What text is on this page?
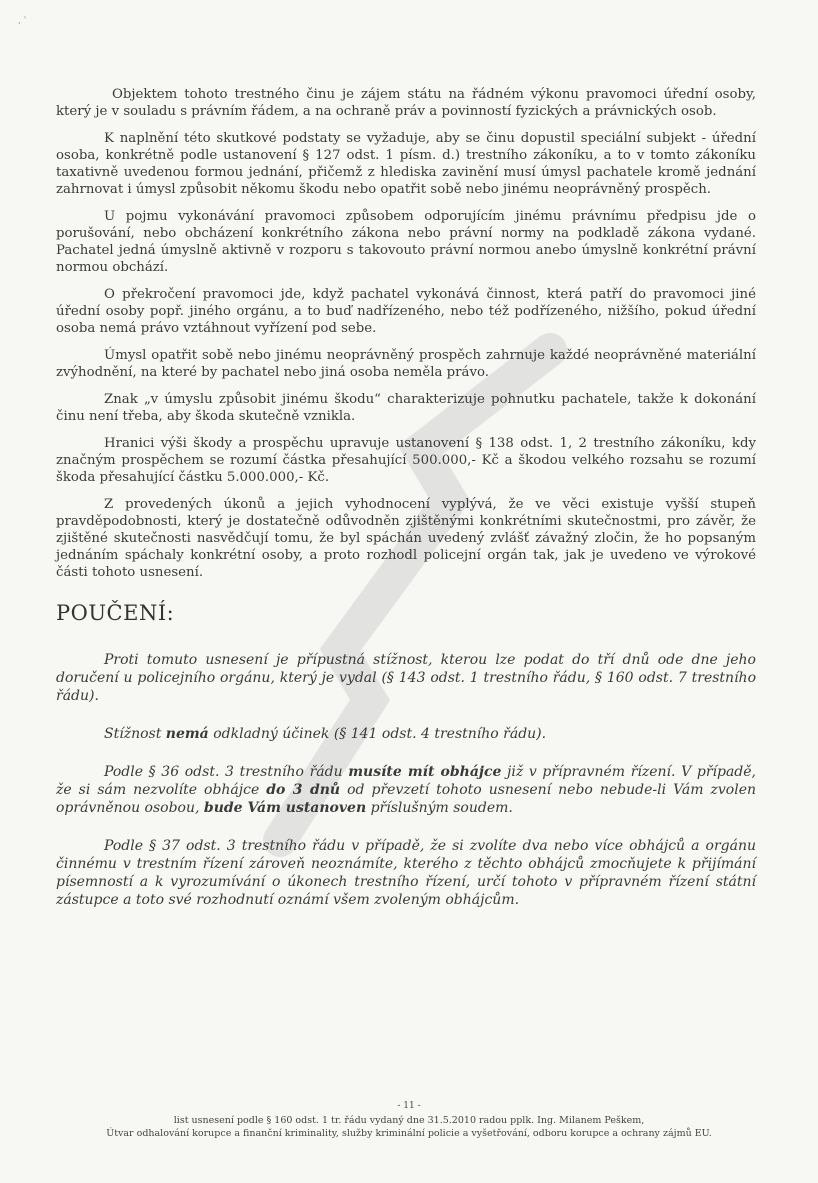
, '

Objektem tohoto trestného činu je zájem státu na řádném výkonu pravomoci úřední osoby, který je v souladu s právním řádem, a na ochraně práv a povinností fyzických a právnických osob.

K naplnění této skutkové podstaty se vyžaduje, aby se činu dopustil speciální subjekt - úřední osoba, konkrétně podle ustanovení § 127 odst. 1 písm. d.) trestního zákoníku, a to v tomto zákoníku taxativně uvedenou formou jednání, přičemž z hlediska zavinění musí úmysl pachatele kromě jednání zahrnovat i úmysl způsobit někomu škodu nebo opatřit sobě nebo jinému neoprávněný prospěch.

U pojmu vykonávání pravomoci způsobem odporujícím jinému právnímu předpisu jde o porušování, nebo obcházení konkrétního zákona nebo právní normy na podkladě zákona vydané. Pachatel jedná úmyslně aktivně v rozporu s takovouto právní normou anebo úmyslně konkrétní právní normou obchází.

O překročení pravomoci jde, když pachatel vykonává činnost, která patří do pravomoci jiné úřední osoby popř. jiného orgánu, a to buď nadřízeného, nebo též podřízeného, nižšího, pokud úřední osoba nemá právo vztáhnout vyřízení pod sebe.

Úmysl opatřit sobě nebo jinému neoprávněný prospěch zahrnuje každé neoprávněné materiální zvýhodnění, na které by pachatel nebo jiná osoba neměla právo.

Znak „v úmyslu způsobit jinému škodu“ charakterizuje pohnutku pachatele, takže k dokonání činu není třeba, aby škoda skutečně vznikla.

Hranici výši škody a prospěchu upravuje ustanovení § 138 odst. 1, 2 trestního zákoníku, kdy značným prospěchem se rozumí částka přesahující 500.000,- Kč a škodou velkého rozsahu se rozumí škoda přesahující částku 5.000.000,- Kč.

Z provedených úkonů a jejich vyhodnocení vyplývá, že ve věci existuje vyšší stupeň pravděpodobnosti, který je dostatečně odůvodněn zjištěnými konkrétními skutečnostmi, pro závěr, že zjištěné skutečnosti nasvědčují tomu, že byl spáchán uvedený zvlášť závažný zločin, že ho popsaným jednáním spáchaly konkrétní osoby, a proto rozhodl policejní orgán tak, jak je uvedeno ve výrokové části tohoto usnesení.

POUČENÍ:

Proti tomuto usnesení je přípustná stížnost, kterou lze podat do tří dnů ode dne jeho doručení u policejního orgánu, který je vydal (§ 143 odst. 1 trestního řádu, § 160 odst. 7 trestního řádu).

Stížnost nemá odkladný účinek (§ 141 odst. 4 trestního řádu).

Podle § 36 odst. 3 trestního řádu musíte mít obhájce již v přípravném řízení. V případě, že si sám nezvolíte obhájce do 3 dnů od převzetí tohoto usnesení nebo nebude-li Vám zvolen oprávněnou osobou, bude Vám ustanoven příslušným soudem.

Podle § 37 odst. 3 trestního řádu v případě, že si zvolíte dva nebo více obhájců a orgánu činnému v trestním řízení zároveň neoznámíte, kterého z těchto obhájců zmocňujete k přijímání písemností a k vyrozumívání o úkonech trestního řízení, určí tohoto v přípravném řízení státní zástupce a toto své rozhodnutí oznámí všem zvoleným obhájcům.

- 11 -
list usnesení podle § 160 odst. 1 tr. řádu vydaný dne 31.5.2010 radou pplk. Ing. Milanem Peškem,
Útvar odhalování korupce a finanční kriminality, služby kriminální policie a vyšetřování, odboru korupce a ochrany zájmů EU.
